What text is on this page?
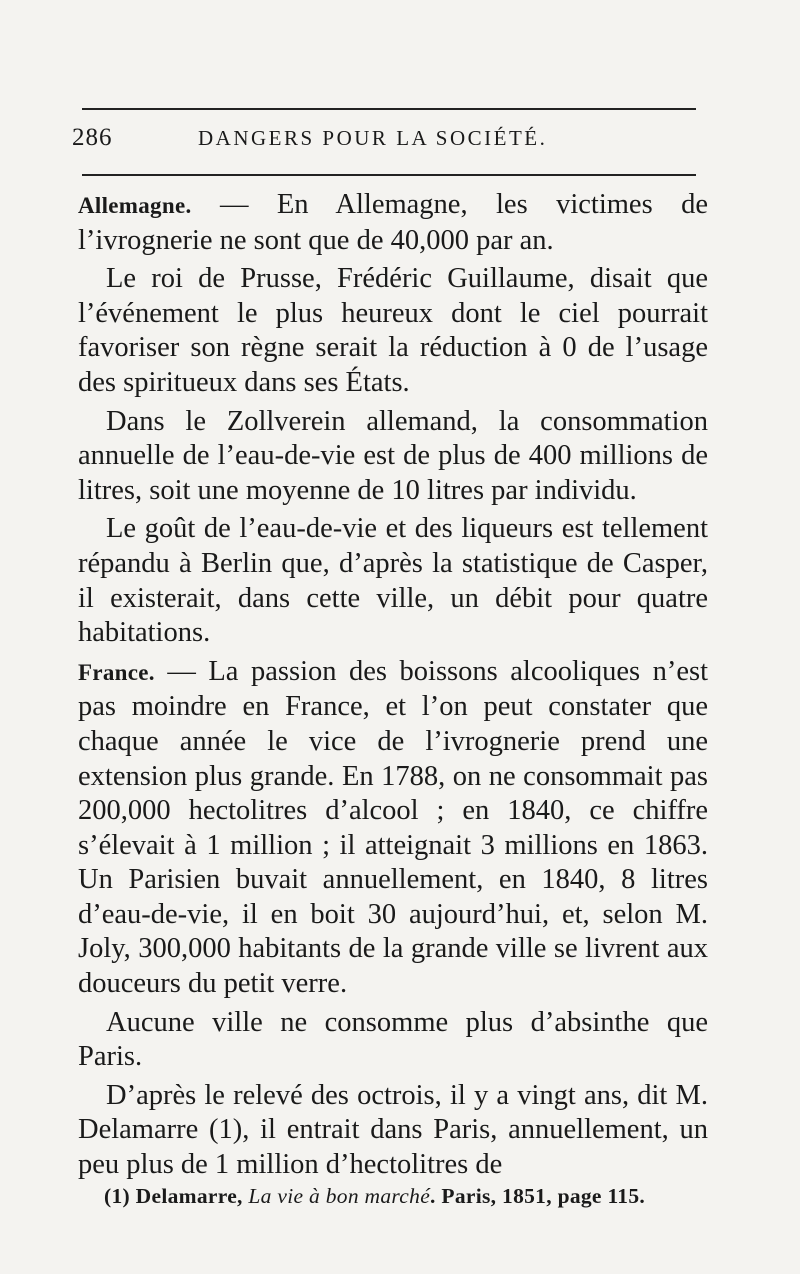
286	DANGERS POUR LA SOCIÉTÉ.

Allemagne. — En Allemagne, les victimes de l’ivrognerie ne sont que de 40,000 par an.

Le roi de Prusse, Frédéric Guillaume, disait que l’événement le plus heureux dont le ciel pourrait favoriser son règne serait la réduction à 0 de l’usage des spiritueux dans ses États.

Dans le Zollverein allemand, la consommation annuelle de l’eau-de-vie est de plus de 400 millions de litres, soit une moyenne de 10 litres par individu.

Le goût de l’eau-de-vie et des liqueurs est tellement répandu à Berlin que, d’après la statistique de Casper, il existerait, dans cette ville, un débit pour quatre habitations.

France. — La passion des boissons alcooliques n’est pas moindre en France, et l’on peut constater que chaque année le vice de l’ivrognerie prend une extension plus grande. En 1788, on ne consommait pas 200,000 hectolitres d’alcool ; en 1840, ce chiffre s’élevait à 1 million ; il atteignait 3 millions en 1863. Un Parisien buvait annuellement, en 1840, 8 litres d’eau-de-vie, il en boit 30 aujourd’hui, et, selon M. Joly, 300,000 habitants de la grande ville se livrent aux douceurs du petit verre.

Aucune ville ne consomme plus d’absinthe que Paris.

D’après le relevé des octrois, il y a vingt ans, dit M. Delamarre (1), il entrait dans Paris, annuellement, un peu plus de 1 million d’hectolitres de

(1) Delamarre, La vie à bon marché. Paris, 1851, page 115.
